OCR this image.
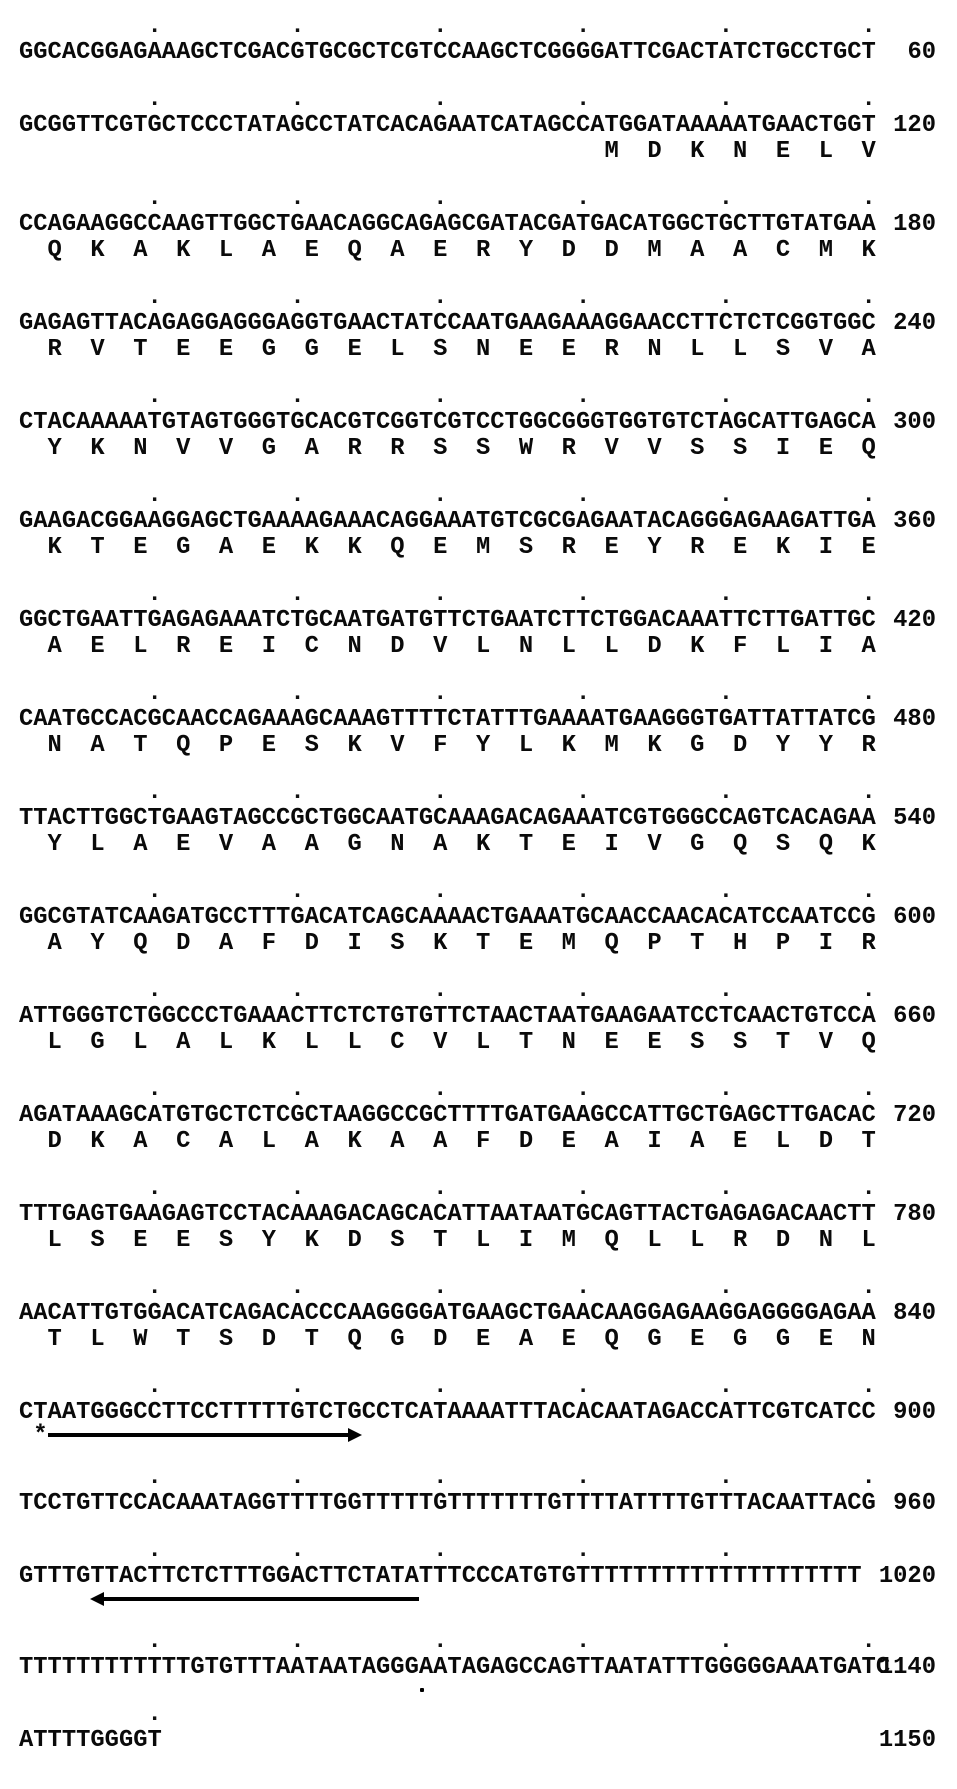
.         .         .         .         .         .
GGCACGGAGAAAGCTCGACGTGCGCTCGTCCAAGCTCGGGGATTCGACTATCTGCCTGCT	60
.         .         .         .         .         .
GCGGTTCGTGCTCCCTATAGCCTATCACAGAATCATAGCCATGGATAAAAATGAACTGGT 120
M  D  K  N  E  L  V
.         .         .         .         .         .
CCAGAAGGCCAAGTTGGCTGAACAGGCAGAGCGATACGATGACATGGCTGCTTGTATGAA 180
Q  K  A  K  L  A  E  Q  A  E  R  Y  D  D  M  A  A  C  M  K
.         .         .         .         .         .
GAGAGTTACAGAGGAGGGAGGTGAACTATCCAATGAAGAAAGGAACCTTCTCTCGGTGGC 240
R  V  T  E  E  G  G  E  L  S  N  E  E  R  N  L  L  S  V  A
.         .         .         .         .         .
CTACAAAAATGTAGTGGGTGCACGTCGGTCGTCCTGGCGGGTGGTGTCTAGCATTGAGCA 300
Y  K  N  V  V  G  A  R  R  S  S  W  R  V  V  S  S  I  E  Q
.         .         .         .         .         .
GAAGACGGAAGGAGCTGAAAAGAAACAGGAAATGTCGCGAGAATACAGGGAGAAGATTGA 360
K  T  E  G  A  E  K  K  Q  E  M  S  R  E  Y  R  E  K  I  E
.         .         .         .         .         .
GGCTGAATTGAGAGAAATCTGCAATGATGTTCTGAATCTTCTGGACAAATTCTTGATTGC 420
A  E  L  R  E  I  C  N  D  V  L  N  L  L  D  K  F  L  I  A
.         .         .         .         .         .
CAATGCCACGCAACCAGAAAGCAAAGTTTTCTATTTGAAAATGAAGGGTGATTATTATCG 480
N  A  T  Q  P  E  S  K  V  F  Y  L  K  M  K  G  D  Y  Y  R
.         .         .         .         .         .
TTACTTGGCTGAAGTAGCCGCTGGCAATGCAAAGACAGAAATCGTGGGCCAGTCACAGAA 540
Y  L  A  E  V  A  A  G  N  A  K  T  E  I  V  G  Q  S  Q  K
.         .         .         .         .         .
GGCGTATCAAGATGCCTTTGACATCAGCAAAACTGAAATGCAACCAACACATCCAATCCG 600
A  Y  Q  D  A  F  D  I  S  K  T  E  M  Q  P  T  H  P  I  R
.         .         .         .         .         .
ATTGGGTCTGGCCCTGAAACTTCTCTGTGTTCTAACTAATGAAGAATCCTCAACTGTCCA 660
L  G  L  A  L  K  L  L  C  V  L  T  N  E  E  S  S  T  V  Q
.         .         .         .         .         .
AGATAAAGCATGTGCTCTCGCTAAGGCCGCTTTTGATGAAGCCATTGCTGAGCTTGACAC 720
D  K  A  C  A  L  A  K  A  A  F  D  E  A  I  A  E  L  D  T
.         .         .         .         .         .
TTTGAGTGAAGAGTCCTACAAAGACAGCACATTAATAATGCAGTTACTGAGAGACAACTT 780
L  S  E  E  S  Y  K  D  S  T  L  I  M  Q  L  L  R  D  N  L
.         .         .         .         .         .
AACATTGTGGACATCAGACACCCAAGGGGATGAAGCTGAACAAGGAGAAGGAGGGGAGAA 840
T  L  W  T  S  D  T  Q  G  D  E  A  E  Q  G  E  G  G  E  N
.         .         .         .         .         .
CTAATGGGCCTTCCTTTTTGTCTGCCTCATAAAATTTACACAATAGACCATTCGTCATCC 900
*
.         .         .         .         .         .
TCCTGTTCCACAAATAGGTTTTGGTTTTTGTTTTTTTGTTTTATTTTGTTTACAATTACG 960
.         .         .         .         .
GTTTGTTACTTCTCTTTGGACTTCTATATTTCCCATGTGTTTTTTTTTTTTTTTTTTTT 1020
.         .         .         .         .         .
TTTTTTTTTTTTGTGTTTAATAATAGGGAATAGAGCCAGTTAATATTTGGGGGAAATGATC
1140
.
ATTTTGGGGT	1150
